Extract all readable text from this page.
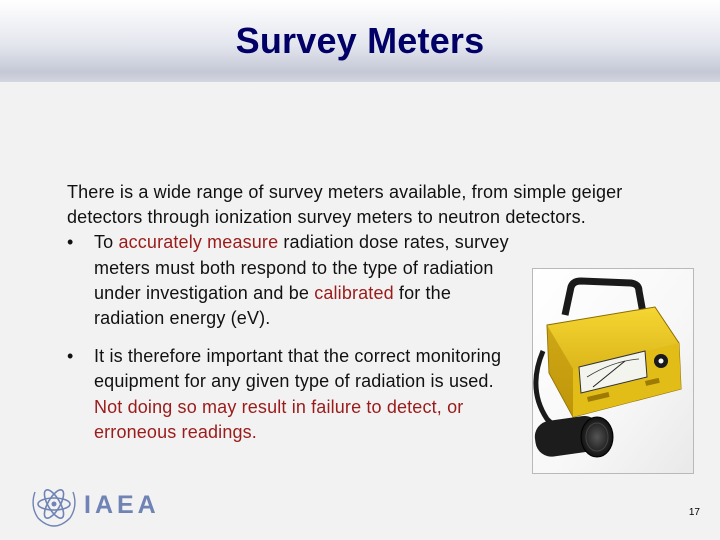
Survey Meters

There is a wide range of survey meters available, from simple geiger detectors through ionization survey meters to neutron detectors.

• To accurately measure radiation dose rates, survey meters must both respond to the type of radiation under investigation and be calibrated for the radiation energy (eV).
• It is therefore important that the correct monitoring equipment for any given type of radiation is used. Not doing so may result in failure to detect, or erroneous readings.
IAEA	17
